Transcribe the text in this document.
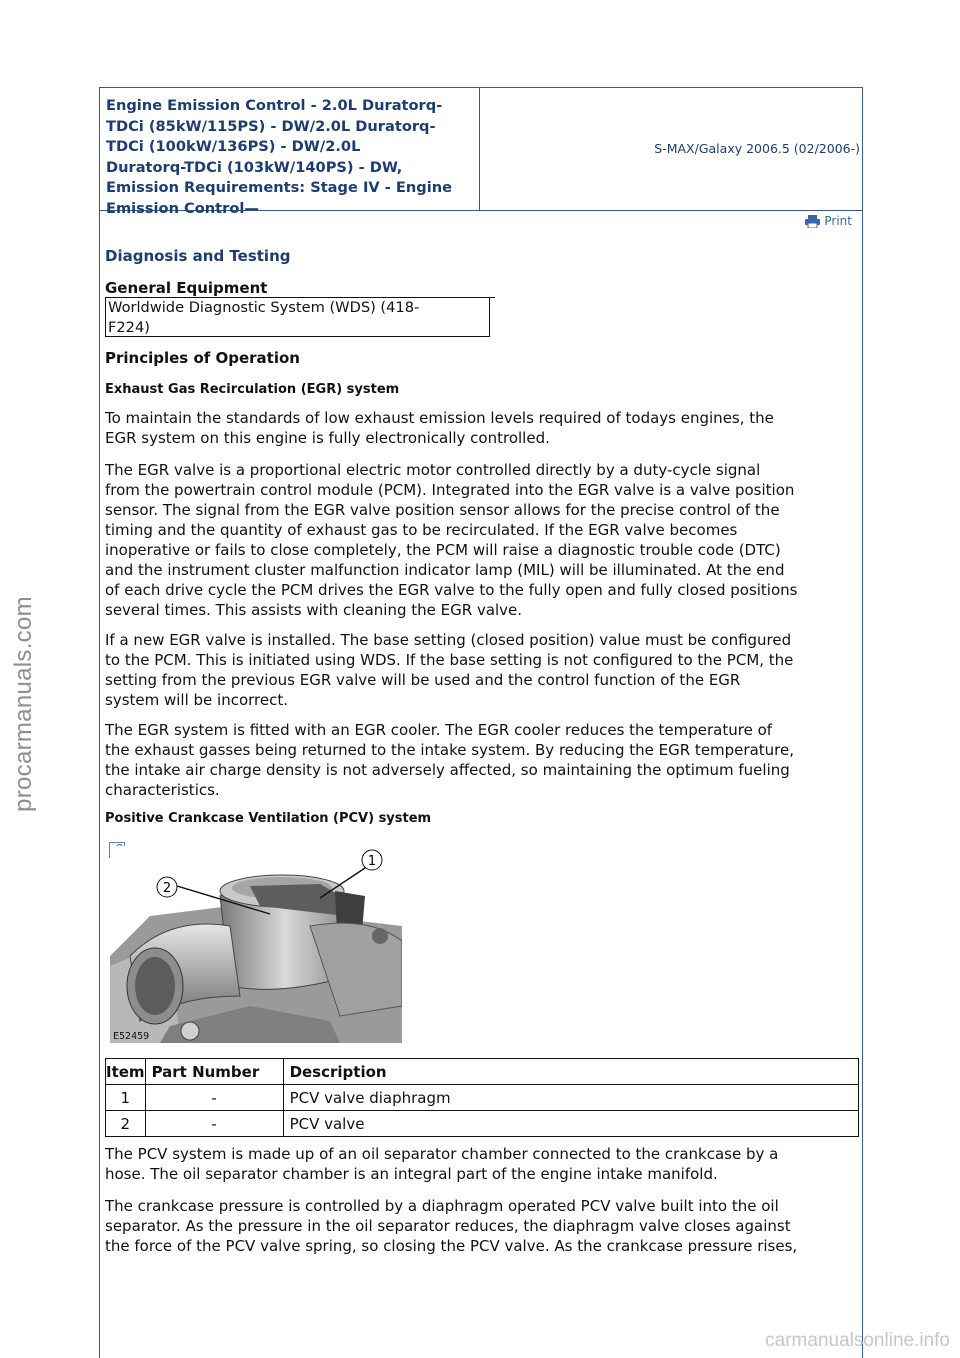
procarmanuals.com
Engine Emission Control - 2.0L Duratorq-
TDCi (85kW/115PS) - DW/2.0L Duratorq-
TDCi (100kW/136PS) - DW/2.0L
Duratorq-TDCi (103kW/140PS) - DW,
Emission Requirements: Stage IV - Engine
Emission Control—
S-MAX/Galaxy 2006.5 (02/2006-)
Print
Diagnosis and Testing
General Equipment
Worldwide Diagnostic System (WDS) (418-
F224)
Principles of Operation
Exhaust Gas Recirculation (EGR) system
To maintain the standards of low exhaust emission levels required of todays engines, the
EGR system on this engine is fully electronically controlled.
The EGR valve is a proportional electric motor controlled directly by a duty-cycle signal
from the powertrain control module (PCM). Integrated into the EGR valve is a valve position
sensor. The signal from the EGR valve position sensor allows for the precise control of the
timing and the quantity of exhaust gas to be recirculated. If the EGR valve becomes
inoperative or fails to close completely, the PCM will raise a diagnostic trouble code (DTC)
and the instrument cluster malfunction indicator lamp (MIL) will be illuminated. At the end
of each drive cycle the PCM drives the EGR valve to the fully open and fully closed positions
several times. This assists with cleaning the EGR valve.
If a new EGR valve is installed. The base setting (closed position) value must be configured
to the PCM. This is initiated using WDS. If the base setting is not configured to the PCM, the
setting from the previous EGR valve will be used and the control function of the EGR
system will be incorrect.
The EGR system is fitted with an EGR cooler. The EGR cooler reduces the temperature of
the exhaust gasses being returned to the intake system. By reducing the EGR temperature,
the intake air charge density is not adversely affected, so maintaining the optimum fueling
characteristics.
Positive Crankcase Ventilation (PCV) system
1
2
E52459
Item	Part Number	Description
1	-	PCV valve diaphragm
2	-	PCV valve
The PCV system is made up of an oil separator chamber connected to the crankcase by a
hose. The oil separator chamber is an integral part of the engine intake manifold.
The crankcase pressure is controlled by a diaphragm operated PCV valve built into the oil
separator. As the pressure in the oil separator reduces, the diaphragm valve closes against
the force of the PCV valve spring, so closing the PCV valve. As the crankcase pressure rises,
carmanualsonline.info
